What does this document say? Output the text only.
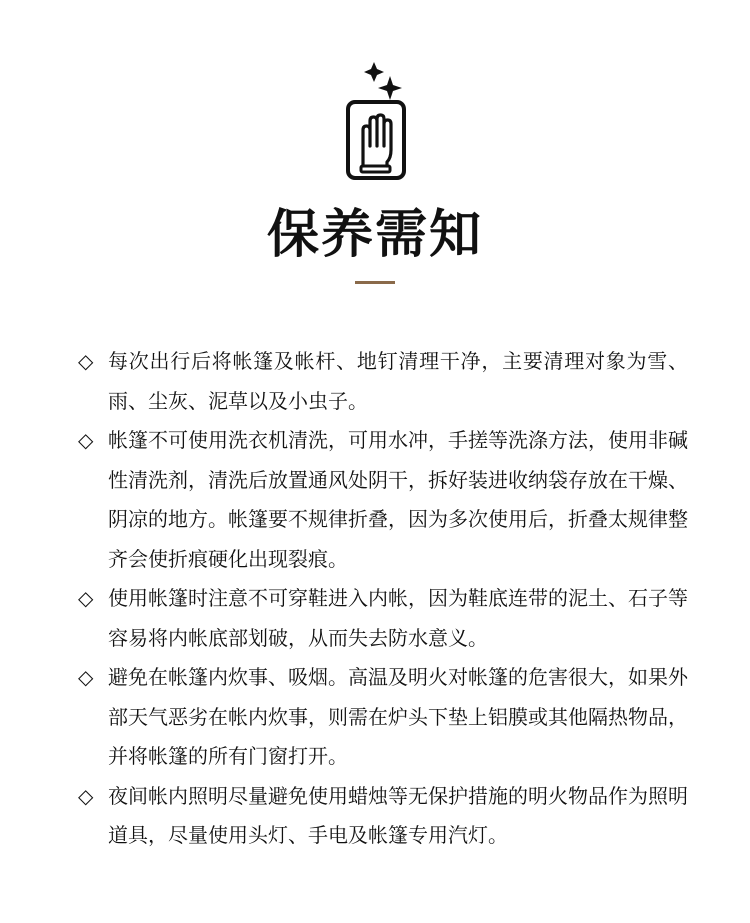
保养需知
◇ 每次出行后将帐篷及帐杆、地钉清理干净，主要清理对象为雪、雨、尘灰、泥草以及小虫子。
◇ 帐篷不可使用洗衣机清洗，可用水冲，手搓等洗涤方法，使用非碱性清洗剂，清洗后放置通风处阴干，拆好装进收纳袋存放在干燥、阴凉的地方。帐篷要不规律折叠，因为多次使用后，折叠太规律整齐会使折痕硬化出现裂痕。
◇ 使用帐篷时注意不可穿鞋进入内帐，因为鞋底连带的泥土、石子等容易将内帐底部划破，从而失去防水意义。
◇ 避免在帐篷内炊事、吸烟。高温及明火对帐篷的危害很大，如果外部天气恶劣在帐内炊事，则需在炉头下垫上铝膜或其他隔热物品，并将帐篷的所有门窗打开。
◇ 夜间帐内照明尽量避免使用蜡烛等无保护措施的明火物品作为照明道具，尽量使用头灯、手电及帐篷专用汽灯。
